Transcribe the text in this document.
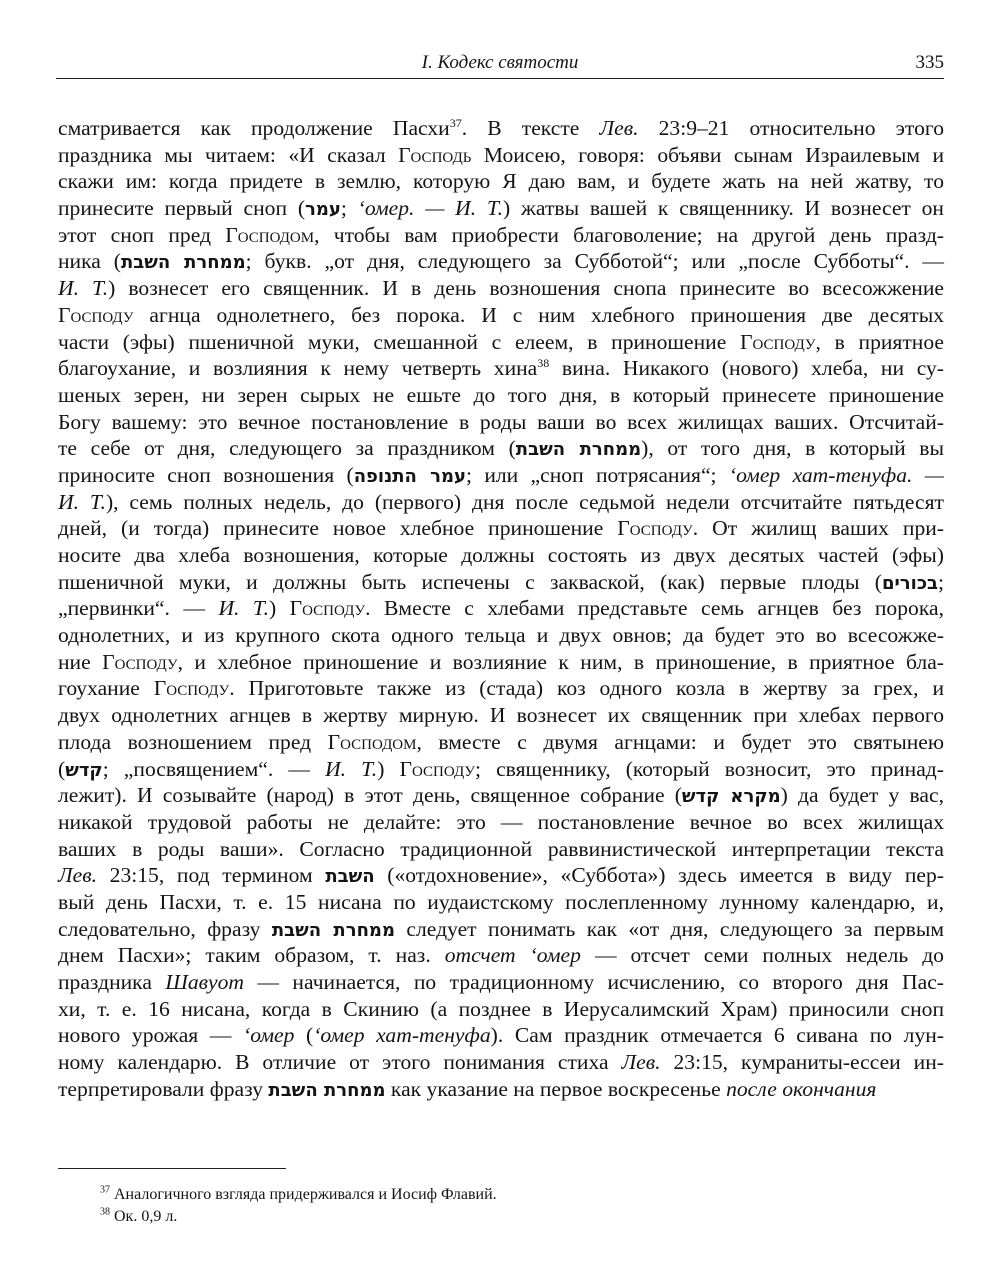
I. Кодекс святости	335
сматривается как продолжение Пасхи$^{37}$. В тексте Лев. 23:9–21 относительно этого
праздника мы читаем: «И сказал Господь Моисею, говоря: объяви сынам Израилевым и
скажи им: когда придете в землю, которую Я даю вам, и будете жать на ней жатву, то
принесите первый сноп (עמר; ʻомер. — И. Т.) жатвы вашей к священнику. И вознесет он
этот сноп пред Господом, чтобы вам приобрести благоволение; на другой день празд-
ника (ממחרת השבת; букв. „от дня, следующего за Субботой“; или „после Субботы“. —
И. Т.) вознесет его священник. И в день возношения снопа принесите во всесожжение
Господу агнца однолетнего, без порока. И с ним хлебного приношения две десятых
части (эфы) пшеничной муки, смешанной с елеем, в приношение Господу, в приятное
благоухание, и возлияния к нему четверть хина$^{38}$ вина. Никакого (нового) хлеба, ни су-
шеных зерен, ни зерен сырых не ешьте до того дня, в который принесете приношение
Богу вашему: это вечное постановление в роды ваши во всех жилищах ваших. Отсчитай-
те себе от дня, следующего за праздником (ממחרת השבת), от того дня, в который вы
приносите сноп возношения (עמר התנופה; или „сноп потрясания“; ʻомер хат-тенуфа. —
И. Т.), семь полных недель, до (первого) дня после седьмой недели отсчитайте пятьдесят
дней, (и тогда) принесите новое хлебное приношение Господу. От жилищ ваших при-
носите два хлеба возношения, которые должны состоять из двух десятых частей (эфы)
пшеничной муки, и должны быть испечены с закваской, (как) первые плоды (בכורים;
„первинки“. — И. Т.) Господу. Вместе с хлебами представьте семь агнцев без порока,
однолетних, и из крупного скота одного тельца и двух овнов; да будет это во всесожже-
ние Господу, и хлебное приношение и возлияние к ним, в приношение, в приятное бла-
гоухание Господу. Приготовьте также из (стада) коз одного козла в жертву за грех, и
двух однолетних агнцев в жертву мирную. И вознесет их священник при хлебах первого
плода возношением пред Господом, вместе с двумя агнцами: и будет это святынею
(קדש; „посвящением“. — И. Т.) Господу; священнику, (который возносит, это принад-
лежит). И созывайте (народ) в этот день, священное собрание (מקרא קדש) да будет у вас,
никакой трудовой работы не делайте: это — постановление вечное во всех жилищах
ваших в роды ваши». Согласно традиционной раввинистической интерпретации текста
Лев. 23:15, под термином השבת («отдохновение», «Суббота») здесь имеется в виду пер-
вый день Пасхи, т. е. 15 нисана по иудаистскому послепленному лунному календарю, и,
следовательно, фразу ממחרת השבת следует понимать как «от дня, следующего за первым
днем Пасхи»; таким образом, т. наз. отсчет ʻомер — отсчет семи полных недель до
праздника Шавуот — начинается, по традиционному исчислению, со второго дня Пас-
хи, т. е. 16 нисана, когда в Скинию (а позднее в Иерусалимский Храм) приносили сноп
нового урожая — ʻомер (ʻомер хат-тенуфа). Сам праздник отмечается 6 сивана по лун-
ному календарю. В отличие от этого понимания стиха Лев. 23:15, кумраниты-ессеи ин-
терпретировали фразу ממחרת השבת как указание на первое воскресенье после окончания
$^{37}$ Аналогичного взгляда придерживался и Иосиф Флавий.
$^{38}$ Ок. 0,9 л.
